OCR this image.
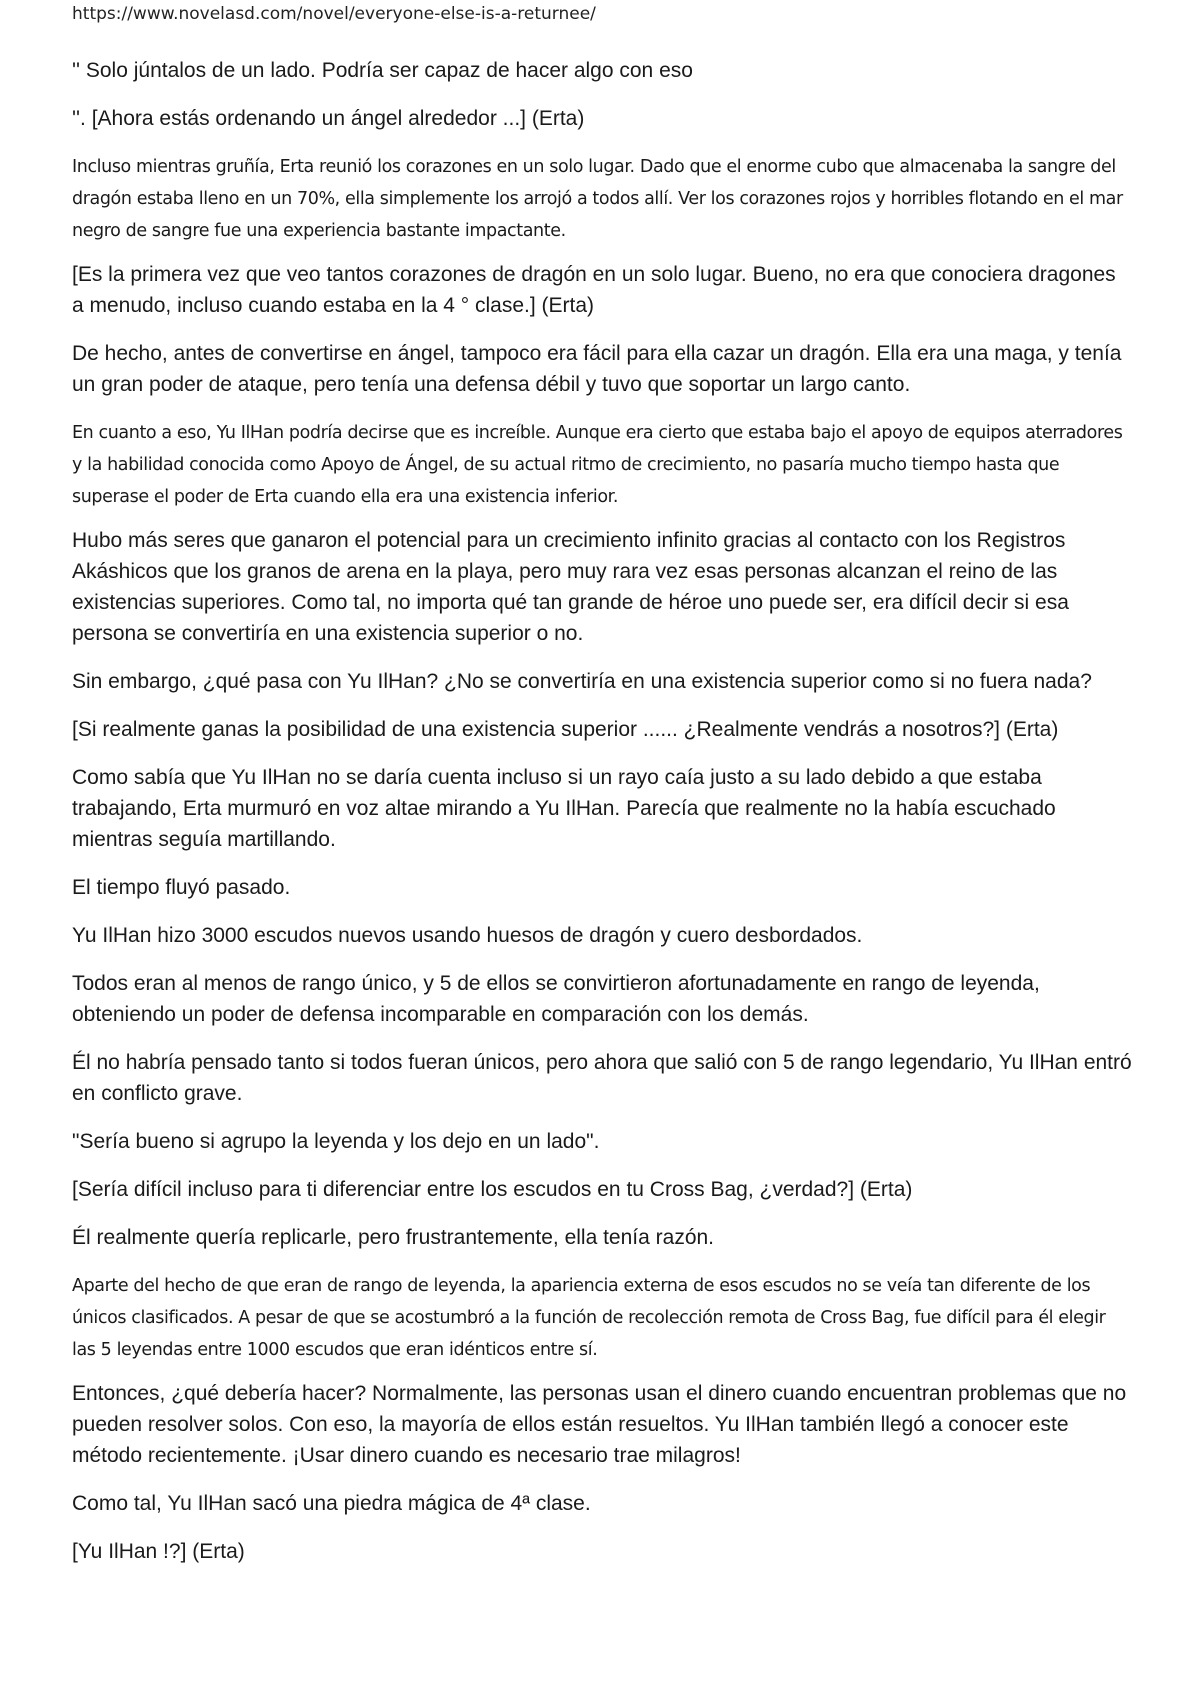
https://www.novelasd.com/novel/everyone-else-is-a-returnee/

'' Solo júntalos de un lado. Podría ser capaz de hacer algo con eso

''. [Ahora estás ordenando un ángel alrededor ...] (Erta)

Incluso mientras gruñía, Erta reunió los corazones en un solo lugar. Dado que el enorme cubo que almacenaba la sangre del dragón estaba lleno en un 70%, ella simplemente los arrojó a todos allí. Ver los corazones rojos y horribles flotando en el mar negro de sangre fue una experiencia bastante impactante.

[Es la primera vez que veo tantos corazones de dragón en un solo lugar. Bueno, no era que conociera dragones a menudo, incluso cuando estaba en la 4 ° clase.] (Erta)

De hecho, antes de convertirse en ángel, tampoco era fácil para ella cazar un dragón. Ella era una maga, y tenía un gran poder de ataque, pero tenía una defensa débil y tuvo que soportar un largo canto.

En cuanto a eso, Yu IlHan podría decirse que es increíble. Aunque era cierto que estaba bajo el apoyo de equipos aterradores y la habilidad conocida como Apoyo de Ángel, de su actual ritmo de crecimiento, no pasaría mucho tiempo hasta que superase el poder de Erta cuando ella era una existencia inferior.

Hubo más seres que ganaron el potencial para un crecimiento infinito gracias al contacto con los Registros Akáshicos que los granos de arena en la playa, pero muy rara vez esas personas alcanzan el reino de las existencias superiores. Como tal, no importa qué tan grande de héroe uno puede ser, era difícil decir si esa persona se convertiría en una existencia superior o no.

Sin embargo, ¿qué pasa con Yu IlHan? ¿No se convertiría en una existencia superior como si no fuera nada?

[Si realmente ganas la posibilidad de una existencia superior ...... ¿Realmente vendrás a nosotros?] (Erta)

Como sabía que Yu IlHan no se daría cuenta incluso si un rayo caía justo a su lado debido a que estaba trabajando, Erta murmuró en voz altae mirando a Yu IlHan. Parecía que realmente no la había escuchado mientras seguía martillando.

El tiempo fluyó pasado.

Yu IlHan hizo 3000 escudos nuevos usando huesos de dragón y cuero desbordados.

Todos eran al menos de rango único, y 5 de ellos se convirtieron afortunadamente en rango de leyenda, obteniendo un poder de defensa incomparable en comparación con los demás.

Él no habría pensado tanto si todos fueran únicos, pero ahora que salió con 5 de rango legendario, Yu IlHan entró en conflicto grave.

"Sería bueno si agrupo la leyenda y los dejo en un lado".

[Sería difícil incluso para ti diferenciar entre los escudos en tu Cross Bag, ¿verdad?] (Erta)

Él realmente quería replicarle, pero frustrantemente, ella tenía razón.

Aparte del hecho de que eran de rango de leyenda, la apariencia externa de esos escudos no se veía tan diferente de los únicos clasificados. A pesar de que se acostumbró a la función de recolección remota de Cross Bag, fue difícil para él elegir las 5 leyendas entre 1000 escudos que eran idénticos entre sí.

Entonces, ¿qué debería hacer? Normalmente, las personas usan el dinero cuando encuentran problemas que no pueden resolver solos. Con eso, la mayoría de ellos están resueltos. Yu IlHan también llegó a conocer este método recientemente. ¡Usar dinero cuando es necesario trae milagros!

Como tal, Yu IlHan sacó una piedra mágica de 4ª clase.

[Yu IlHan !?] (Erta)
